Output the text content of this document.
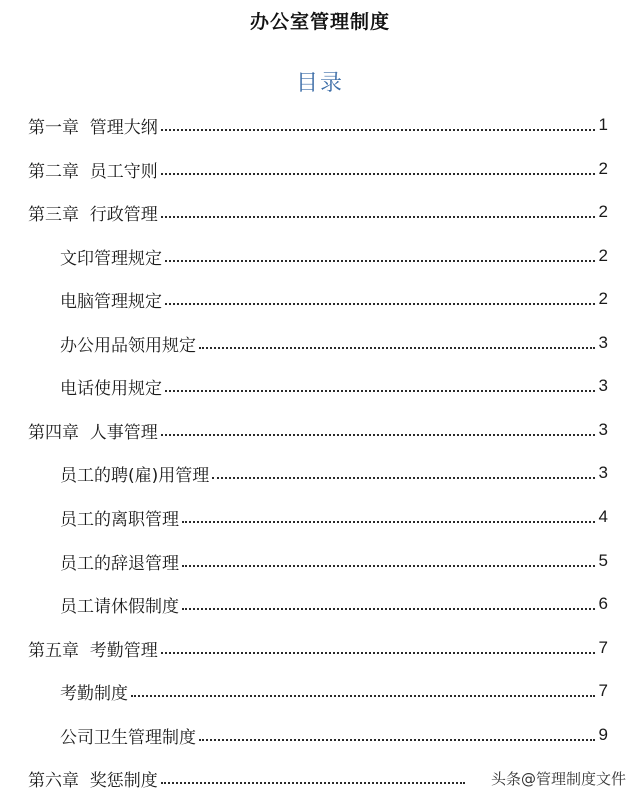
办公室管理制度
目录
第一章  管理大纲	1
第二章  员工守则	2
第三章  行政管理	2
文印管理规定	2
电脑管理规定	2
办公用品领用规定	3
电话使用规定	3
第四章  人事管理	3
员工的聘(雇)用管理	3
员工的离职管理	4
员工的辞退管理	5
员工请休假制度	6
第五章  考勤管理	7
考勤制度	7
公司卫生管理制度	9
第六章  奖惩制度	头条@管理制度文件
